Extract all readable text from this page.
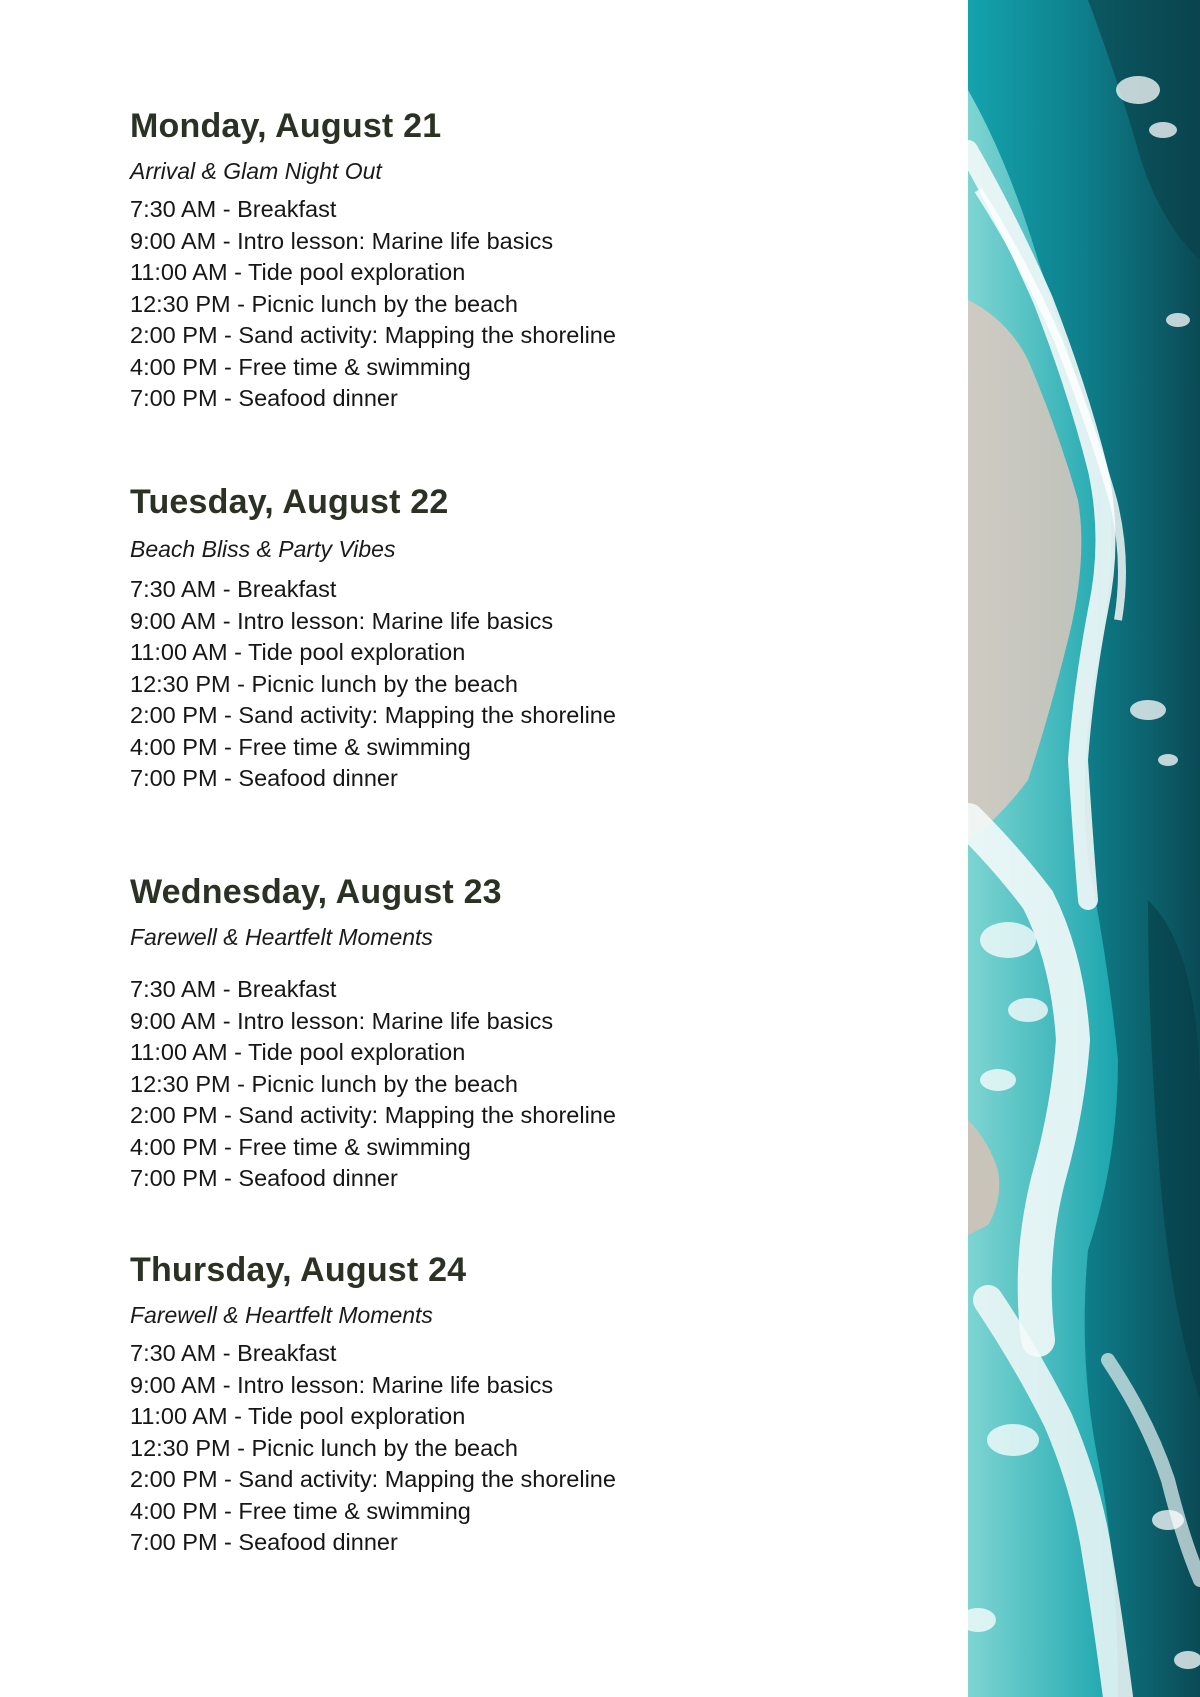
Monday, August 21

Arrival & Glam Night Out

7:30 AM - Breakfast
9:00 AM - Intro lesson: Marine life basics
11:00 AM - Tide pool exploration
12:30 PM - Picnic lunch by the beach
2:00 PM - Sand activity: Mapping the shoreline
4:00 PM - Free time & swimming
7:00 PM - Seafood dinner
Tuesday, August 22

Beach Bliss & Party Vibes

7:30 AM - Breakfast
9:00 AM - Intro lesson: Marine life basics
11:00 AM - Tide pool exploration
12:30 PM - Picnic lunch by the beach
2:00 PM - Sand activity: Mapping the shoreline
4:00 PM - Free time & swimming
7:00 PM - Seafood dinner
Wednesday, August 23

Farewell & Heartfelt Moments

7:30 AM - Breakfast
9:00 AM - Intro lesson: Marine life basics
11:00 AM - Tide pool exploration
12:30 PM - Picnic lunch by the beach
2:00 PM - Sand activity: Mapping the shoreline
4:00 PM - Free time & swimming
7:00 PM - Seafood dinner
Thursday, August 24

Farewell & Heartfelt Moments

7:30 AM - Breakfast
9:00 AM - Intro lesson: Marine life basics
11:00 AM - Tide pool exploration
12:30 PM - Picnic lunch by the beach
2:00 PM - Sand activity: Mapping the shoreline
4:00 PM - Free time & swimming
7:00 PM - Seafood dinner
